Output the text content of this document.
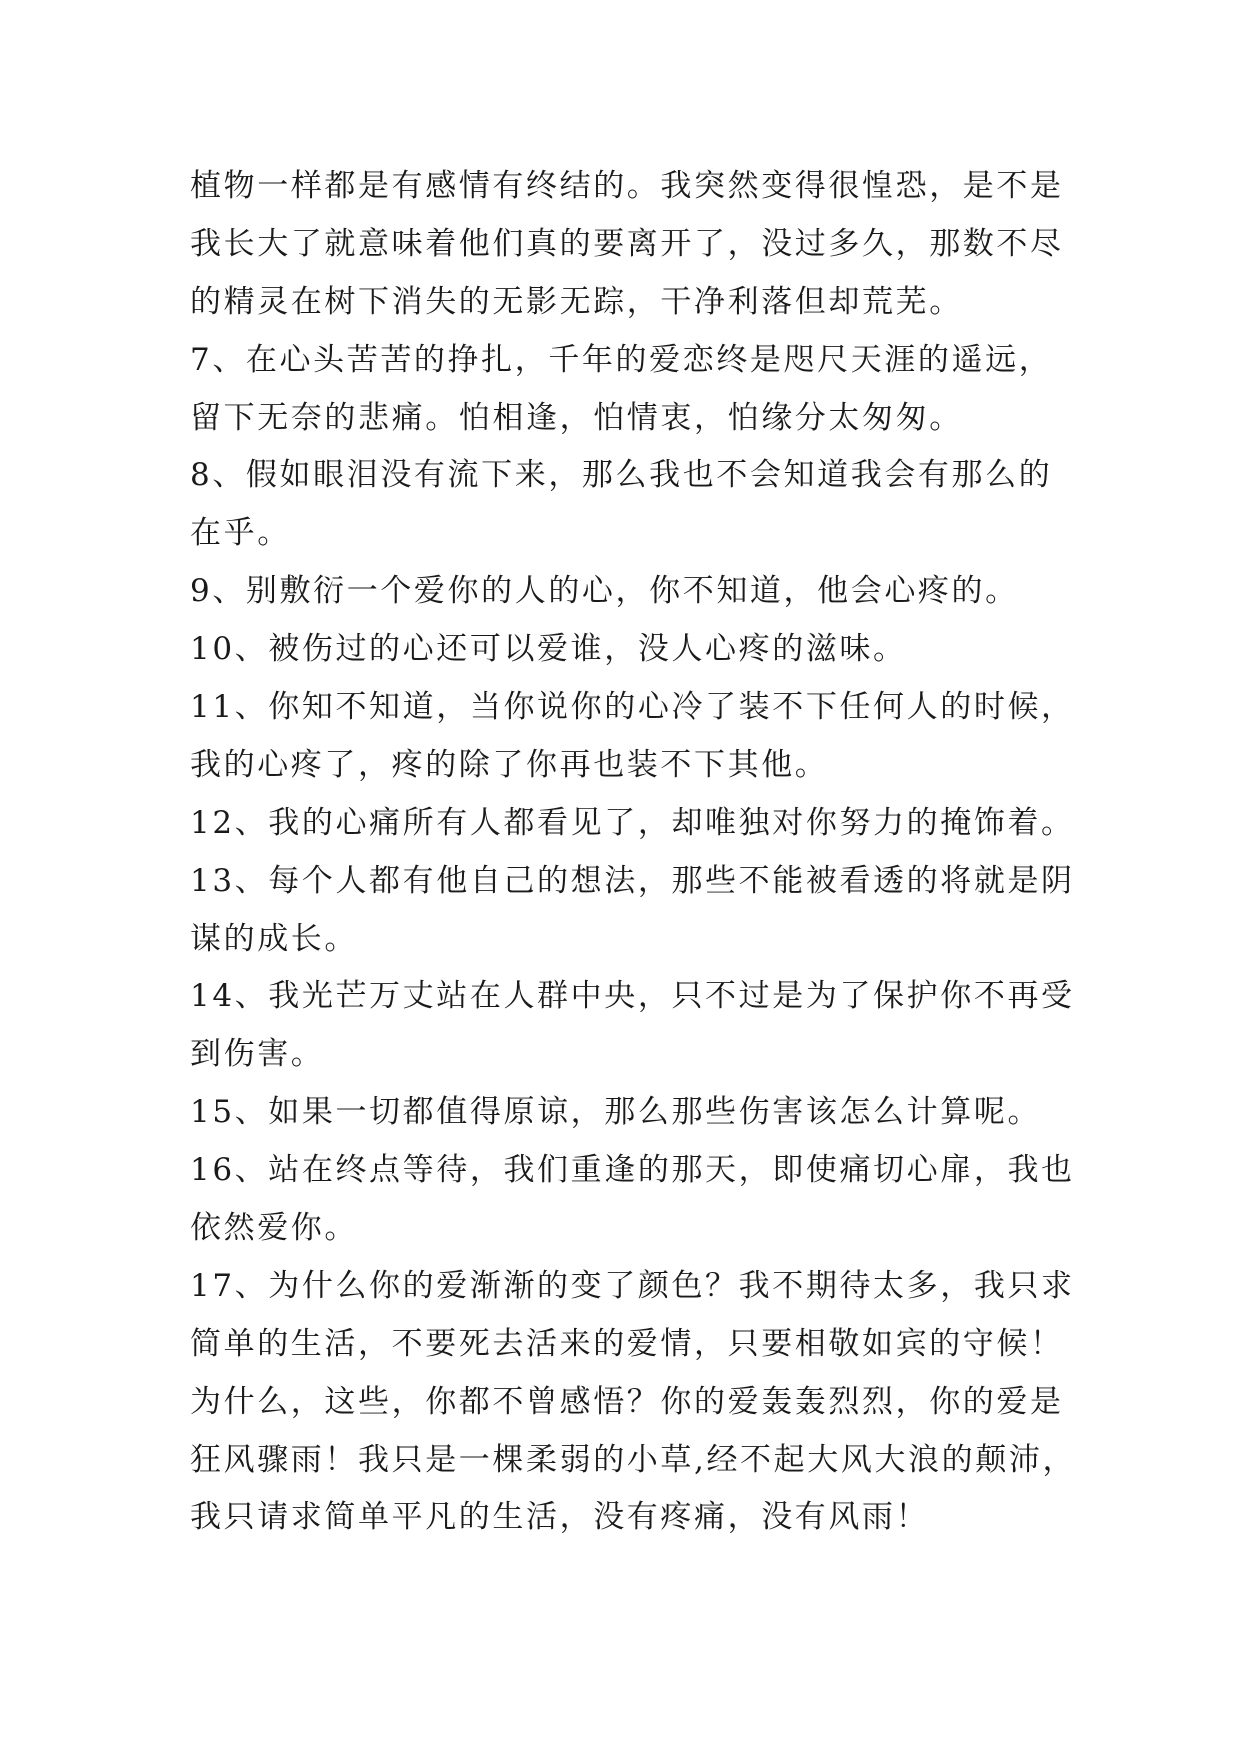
植物一样都是有感情有终结的。我突然变得很惶恐，是不是
我长大了就意味着他们真的要离开了，没过多久，那数不尽
的精灵在树下消失的无影无踪，干净利落但却荒芜。
7、在心头苦苦的挣扎，千年的爱恋终是咫尺天涯的遥远，
留下无奈的悲痛。怕相逢，怕情衷，怕缘分太匆匆。
8、假如眼泪没有流下来，那么我也不会知道我会有那么的
在乎。
9、别敷衍一个爱你的人的心，你不知道，他会心疼的。
10、被伤过的心还可以爱谁，没人心疼的滋味。
11、你知不知道，当你说你的心冷了装不下任何人的时候，
我的心疼了，疼的除了你再也装不下其他。
12、我的心痛所有人都看见了，却唯独对你努力的掩饰着。
13、每个人都有他自己的想法，那些不能被看透的将就是阴
谋的成长。
14、我光芒万丈站在人群中央，只不过是为了保护你不再受
到伤害。
15、如果一切都值得原谅，那么那些伤害该怎么计算呢。
16、站在终点等待，我们重逢的那天，即使痛切心扉，我也
依然爱你。
17、为什么你的爱渐渐的变了颜色？我不期待太多，我只求
简单的生活，不要死去活来的爱情，只要相敬如宾的守候！
为什么，这些，你都不曾感悟？你的爱轰轰烈烈，你的爱是
狂风骤雨！我只是一棵柔弱的小草,经不起大风大浪的颠沛，
我只请求简单平凡的生活，没有疼痛，没有风雨！
